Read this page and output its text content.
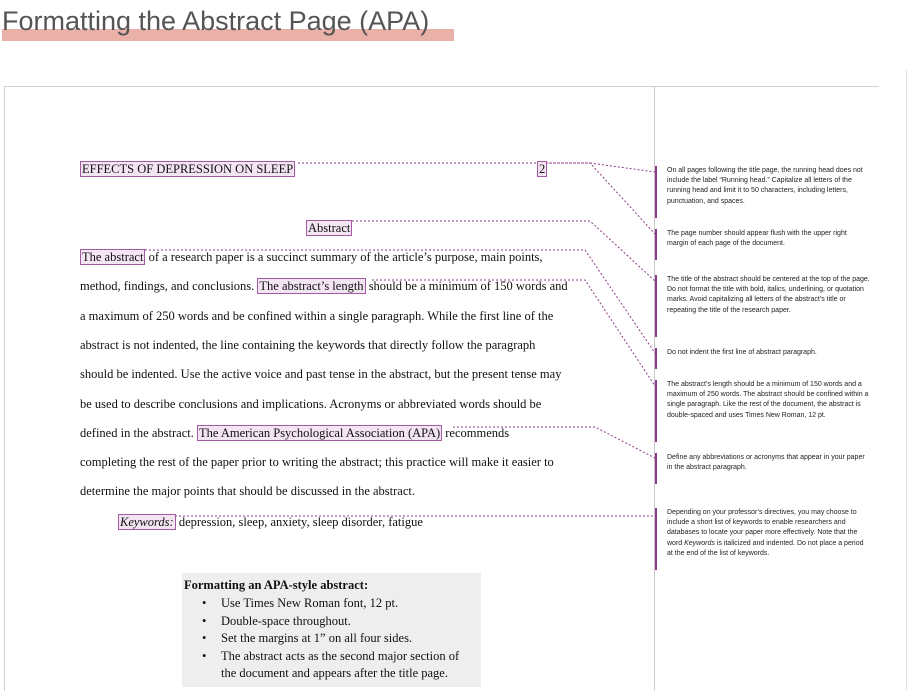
Formatting the Abstract Page (APA)
EFFECTS OF DEPRESSION ON SLEEP	2
Abstract
The abstract of a research paper is a succinct summary of the article’s purpose, main points,
method, findings, and conclusions. The abstract’s length should be a minimum of 150 words and
a maximum of 250 words and be confined within a single paragraph. While the first line of the
abstract is not indented, the line containing the keywords that directly follow the paragraph
should be indented. Use the active voice and past tense in the abstract, but the present tense may
be used to describe conclusions and implications. Acronyms or abbreviated words should be
defined in the abstract. The American Psychological Association (APA) recommends
completing the rest of the paper prior to writing the abstract; this practice will make it easier to
determine the major points that should be discussed in the abstract.
Keywords: depression, sleep, anxiety, sleep disorder, fatigue
Formatting an APA-style abstract:
• Use Times New Roman font, 12 pt.
• Double-space throughout.
• Set the margins at 1” on all four sides.
• The abstract acts as the second major section of
the document and appears after the title page.
On all pages following the title page, the running head does not include the label “Running head.” Capitalize all letters of the running head and limit it to 50 characters, including letters, punctuation, and spaces.
The page number should appear flush with the upper right margin of each page of the document.
The title of the abstract should be centered at the top of the page. Do not format the title with bold, italics, underlining, or quotation marks. Avoid capitalizing all letters of the abstract’s title or repeating the title of the research paper.
Do not indent the first line of abstract paragraph.
The abstract’s length should be a minimum of 150 words and a maximum of 250 words. The abstract should be confined within a single paragraph. Like the rest of the document, the abstract is double-spaced and uses Times New Roman, 12 pt.
Define any abbreviations or acronyms that appear in your paper in the abstract paragraph.
Depending on your professor’s directives, you may choose to include a short list of keywords to enable researchers and databases to locate your paper more effectively. Note that the word Keywords is italicized and indented. Do not place a period at the end of the list of keywords.
